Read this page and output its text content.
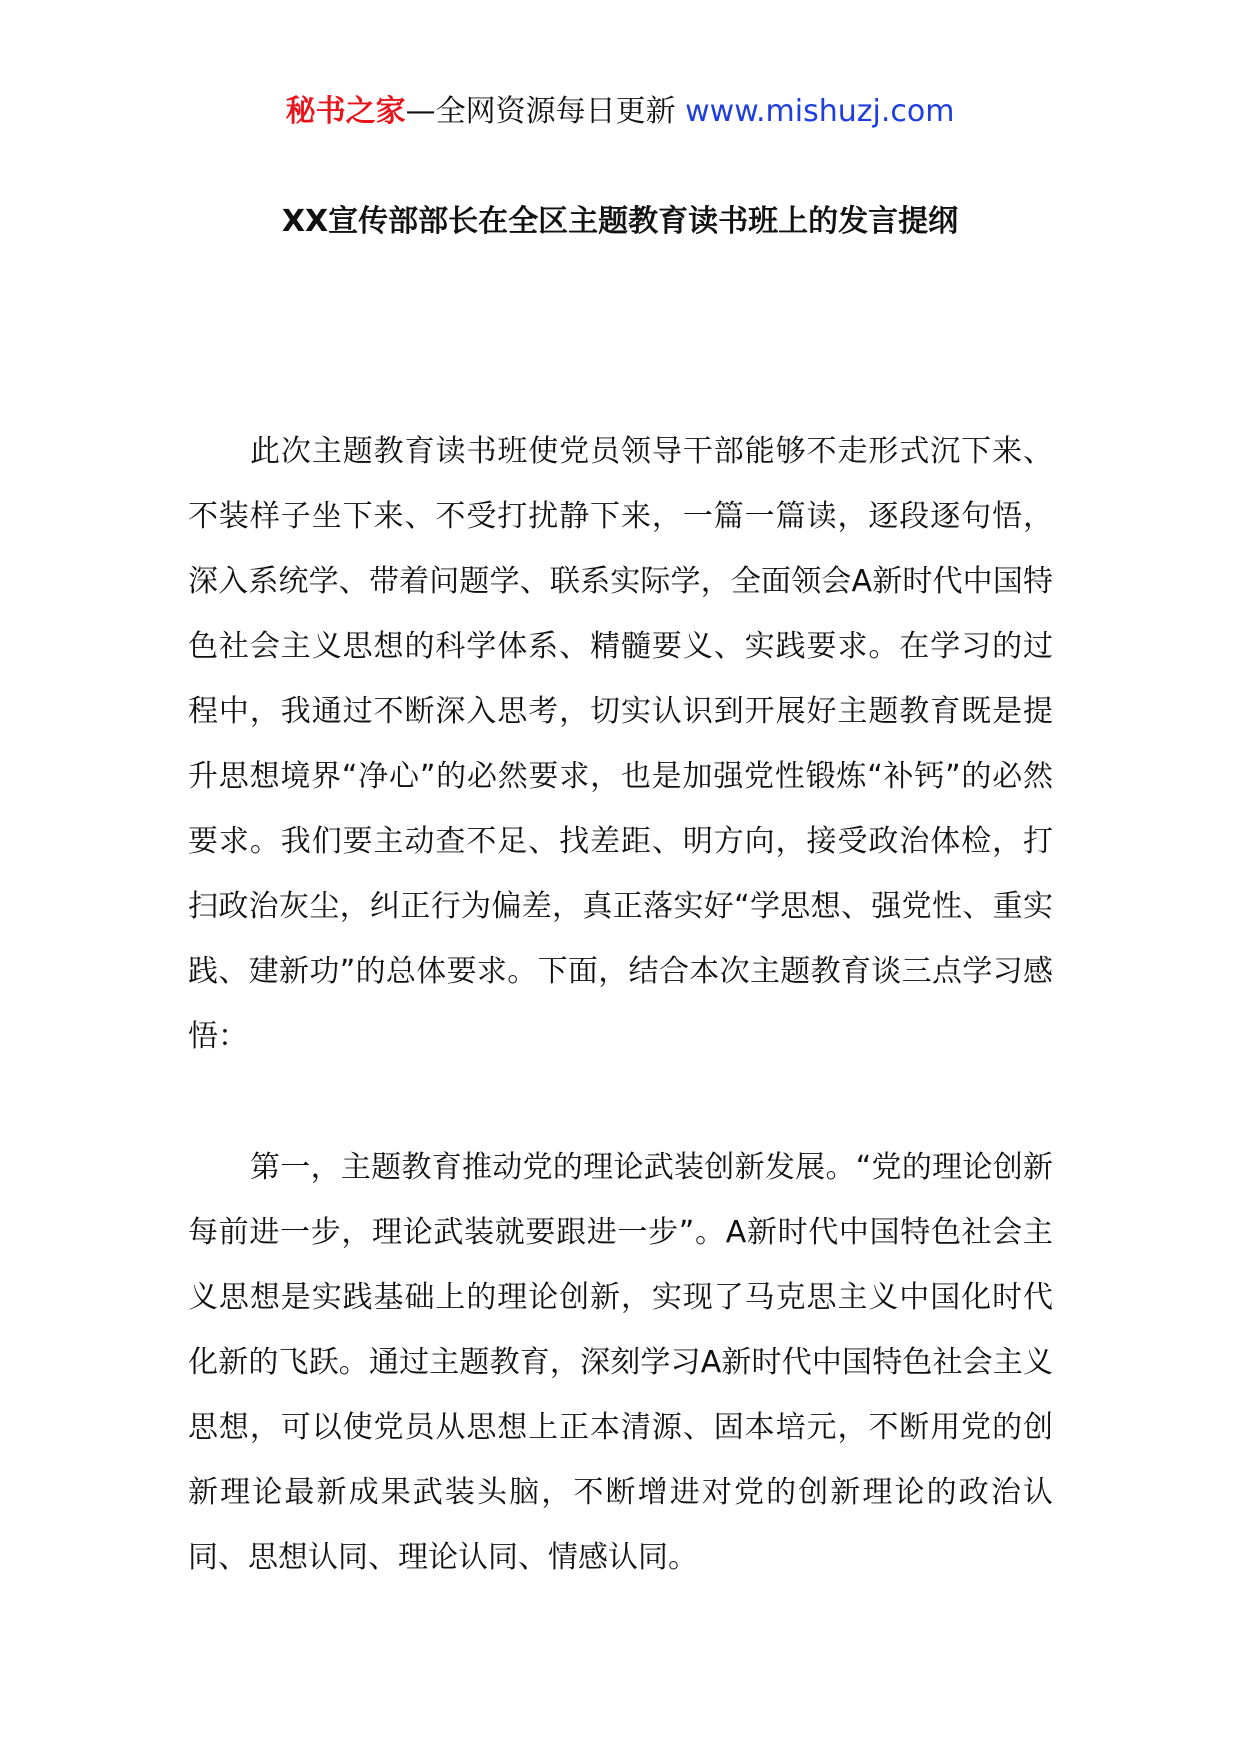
秘书之家—全网资源每日更新 www.mishuzj.com
XX宣传部部长在全区主题教育读书班上的发言提纲

此次主题教育读书班使党员领导干部能够不走形式沉下来、不装样子坐下来、不受打扰静下来，一篇一篇读，逐段逐句悟，深入系统学、带着问题学、联系实际学，全面领会A新时代中国特色社会主义思想的科学体系、精髓要义、实践要求。在学习的过程中，我通过不断深入思考，切实认识到开展好主题教育既是提升思想境界“净心”的必然要求，也是加强党性锻炼“补钙”的必然要求。我们要主动查不足、找差距、明方向，接受政治体检，打扫政治灰尘，纠正行为偏差，真正落实好“学思想、强党性、重实践、建新功”的总体要求。下面，结合本次主题教育谈三点学习感悟：

第一，主题教育推动党的理论武装创新发展。“党的理论创新每前进一步，理论武装就要跟进一步”。A新时代中国特色社会主义思想是实践基础上的理论创新，实现了马克思主义中国化时代化新的飞跃。通过主题教育，深刻学习A新时代中国特色社会主义思想，可以使党员从思想上正本清源、固本培元，不断用党的创新理论最新成果武装头脑，不断增进对党的创新理论的政治认同、思想认同、理论认同、情感认同。
